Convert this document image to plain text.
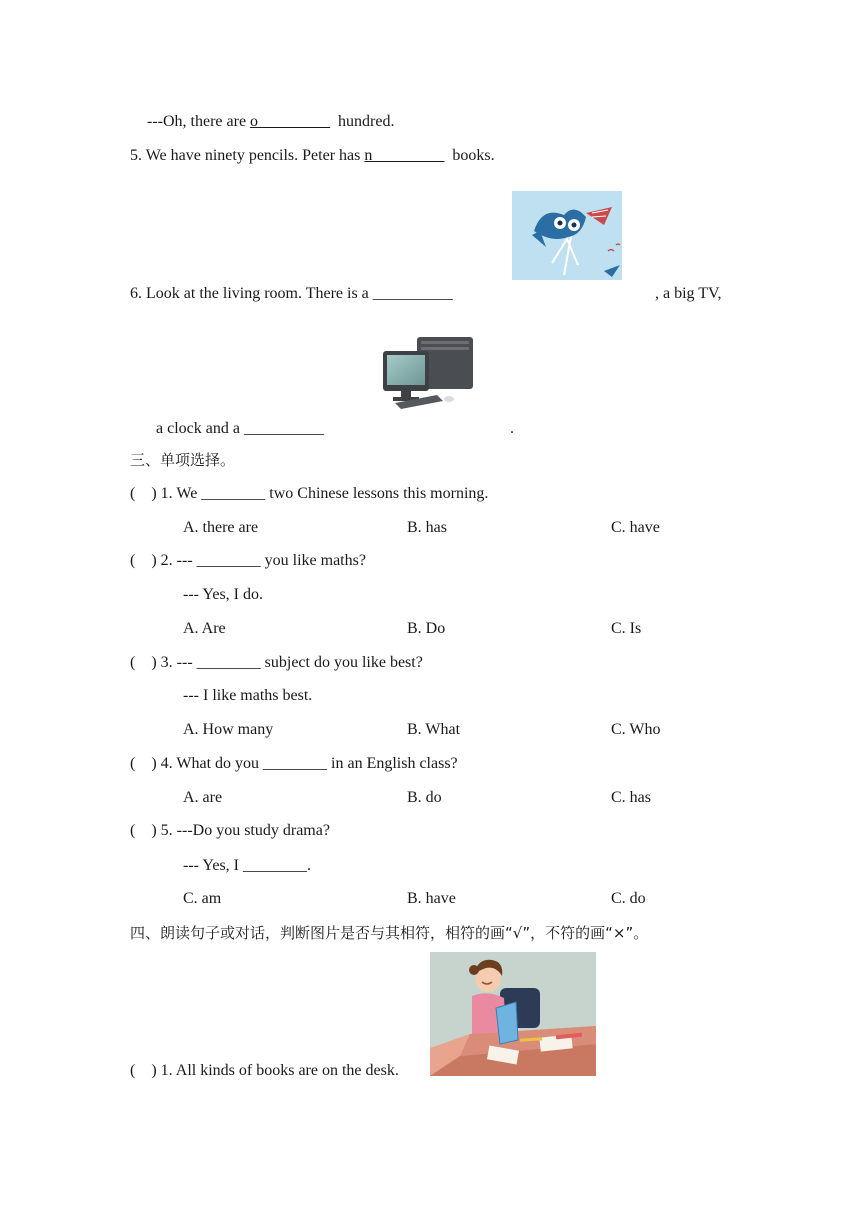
---Oh, there are o_________  hundred.
5. We have ninety pencils. Peter has n_________  books.
6. Look at the living room. There is a __________	, a big TV,
a clock and a __________	.
三、单项选择。
(    ) 1. We ________ two Chinese lessons this morning.
A. there are	B. has	C. have
(    ) 2. --- ________ you like maths?
--- Yes, I do.
A. Are	B. Do	C. Is
(    ) 3. --- ________ subject do you like best?
--- I like maths best.
A. How many	B. What	C. Who
(    ) 4. What do you ________ in an English class?
A. are	B. do	C. has
(    ) 5. ---Do you study drama?
--- Yes, I ________.
C. am	B. have	C. do
四、朗读句子或对话，判断图片是否与其相符，相符的画“√”，不符的画“×”。
(    ) 1. All kinds of books are on the desk.
